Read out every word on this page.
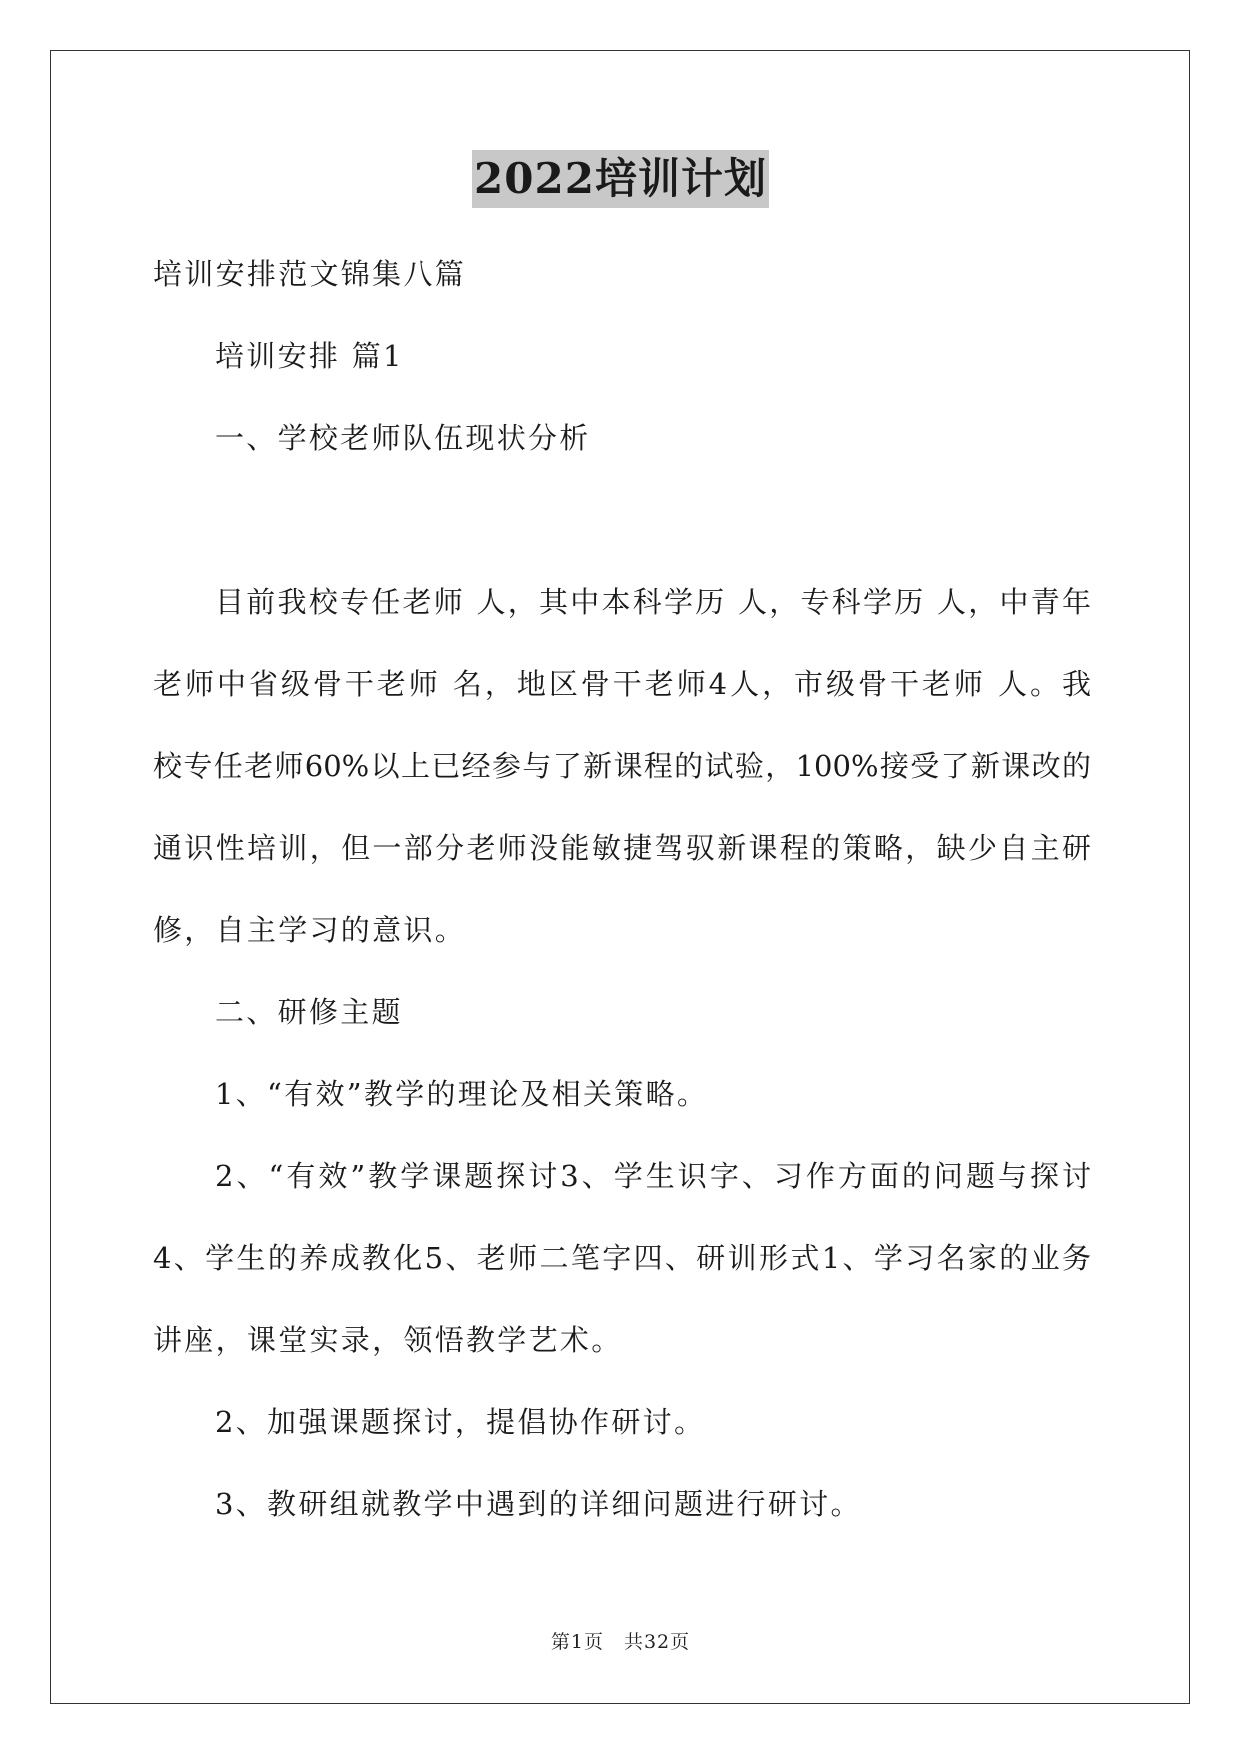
2022培训计划

培训安排范文锦集八篇

培训安排 篇1

一、学校老师队伍现状分析

目前我校专任老师 人，其中本科学历 人，专科学历 人，中青年
老师中省级骨干老师 名，地区骨干老师4人，市级骨干老师 人。我
校专任老师60%以上已经参与了新课程的试验，100%接受了新课改的
通识性培训，但一部分老师没能敏捷驾驭新课程的策略，缺少自主研
修，自主学习的意识。

二、研修主题

1、“有效”教学的理论及相关策略。

2、“有效”教学课题探讨3、学生识字、习作方面的问题与探讨
4、学生的养成教化5、老师二笔字四、研训形式1、学习名家的业务
讲座，课堂实录，领悟教学艺术。

2、加强课题探讨，提倡协作研讨。

3、教研组就教学中遇到的详细问题进行研讨。

第1页　共32页
